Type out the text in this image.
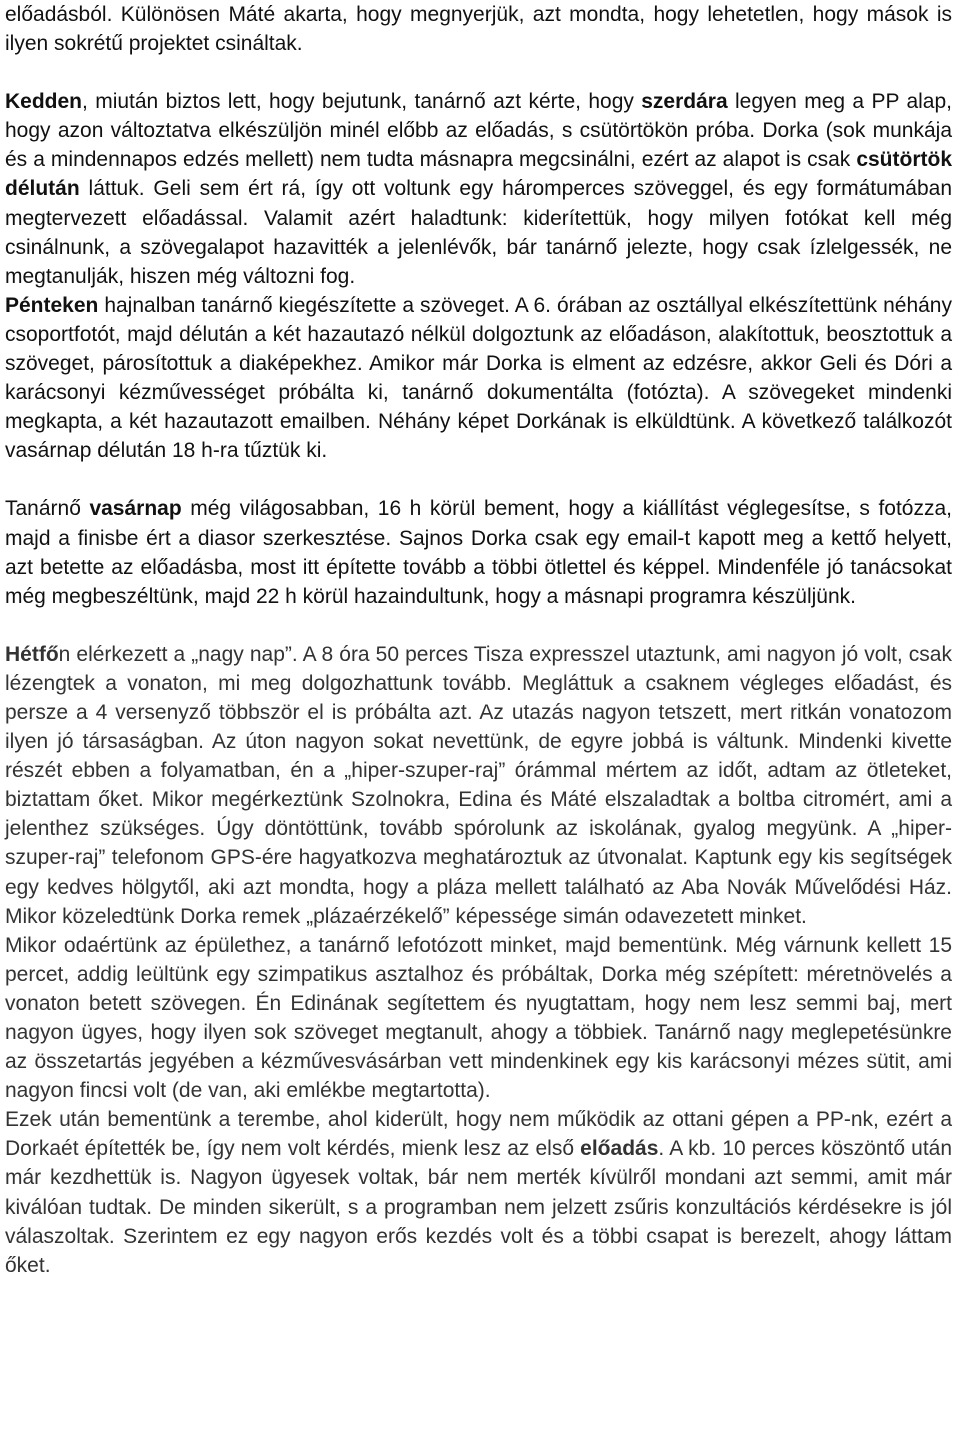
előadásból. Különösen Máté akarta, hogy megnyerjük, azt mondta, hogy lehetetlen, hogy mások is ilyen sokrétű projektet csináltak.

Kedden, miután biztos lett, hogy bejutunk, tanárnő azt kérte, hogy szerdára legyen meg a PP alap, hogy azon változtatva elkészüljön minél előbb az előadás, s csütörtökön próba. Dorka (sok munkája és a mindennapos edzés mellett) nem tudta másnapra megcsinálni, ezért az alapot is csak csütörtök délután láttuk. Geli sem ért rá, így ott voltunk egy háromperces szöveggel, és egy formátumában megtervezett előadással. Valamit azért haladtunk: kiderítettük, hogy milyen fotókat kell még csinálnunk, a szövegalapot hazavitték a jelenlévők, bár tanárnő jelezte, hogy csak ízlelgessék, ne megtanulják, hiszen még változni fog.

Pénteken hajnalban tanárnő kiegészítette a szöveget. A 6. órában az osztállyal elkészítettünk néhány csoportfotót, majd délután a két hazautazó nélkül dolgoztunk az előadáson, alakítottuk, beosztottuk a szöveget, párosítottuk a diaképekhez. Amikor már Dorka is elment az edzésre, akkor Geli és Dóri a karácsonyi kézművességet próbálta ki, tanárnő dokumentálta (fotózta). A szövegeket mindenki megkapta, a két hazautazott emailben. Néhány képet Dorkának is elküldtünk. A következő találkozót vasárnap délután 18 h-ra tűztük ki.

Tanárnő vasárnap még világosabban, 16 h körül bement, hogy a kiállítást véglegesítse, s fotózza, majd a finisbe ért a diasor szerkesztése. Sajnos Dorka csak egy email-t kapott meg a kettő helyett, azt betette az előadásba, most itt építette tovább a többi ötlettel és képpel. Mindenféle jó tanácsokat még megbeszéltünk, majd 22 h körül hazaindultunk, hogy a másnapi programra készüljünk.

Hétfőn elérkezett a „nagy nap”. A 8 óra 50 perces Tisza expresszel utaztunk, ami nagyon jó volt, csak lézengtek a vonaton, mi meg dolgozhattunk tovább. Megláttuk a csaknem végleges előadást, és persze a 4 versenyző többször el is próbálta azt. Az utazás nagyon tetszett, mert ritkán vonatozom ilyen jó társaságban. Az úton nagyon sokat nevettünk, de egyre jobbá is váltunk. Mindenki kivette részét ebben a folyamatban, én a „hiper-szuper-raj” órámmal mértem az időt, adtam az ötleteket, biztattam őket. Mikor megérkeztünk Szolnokra, Edina és Máté elszaladtak a boltba citromért, ami a jelenthez szükséges. Úgy döntöttünk, tovább spórolunk az iskolának, gyalog megyünk. A „hiper-szuper-raj” telefonom GPS-ére hagyatkozva meghatároztuk az útvonalat. Kaptunk egy kis segítségek egy kedves hölgytől, aki azt mondta, hogy a pláza mellett található az Aba Novák Művelődési Ház. Mikor közeledtünk Dorka remek „plázaérzékelő” képessége simán odavezetett minket.

Mikor odaértünk az épülethez, a tanárnő lefotózott minket, majd bementünk. Még várnunk kellett 15 percet, addig leültünk egy szimpatikus asztalhoz és próbáltak, Dorka még szépített: méretnövelés a vonaton betett szövegen. Én Edinának segítettem és nyugtattam, hogy nem lesz semmi baj, mert nagyon ügyes, hogy ilyen sok szöveget megtanult, ahogy a többiek. Tanárnő nagy meglepetésünkre az összetartás jegyében a kézművesvásárban vett mindenkinek egy kis karácsonyi mézes sütit, ami nagyon fincsi volt (de van, aki emlékbe megtartotta).

Ezek után bementünk a terembe, ahol kiderült, hogy nem működik az ottani gépen a PP-nk, ezért a Dorkaét építették be, így nem volt kérdés, mienk lesz az első előadás. A kb. 10 perces köszöntő után már kezdhettük is. Nagyon ügyesek voltak, bár nem merték kívülről mondani azt semmi, amit már kiválóan tudtak. De minden sikerült, s a programban nem jelzett zsűris konzultációs kérdésekre is jól válaszoltak. Szerintem ez egy nagyon erős kezdés volt és a többi csapat is berezelt, ahogy láttam őket.
